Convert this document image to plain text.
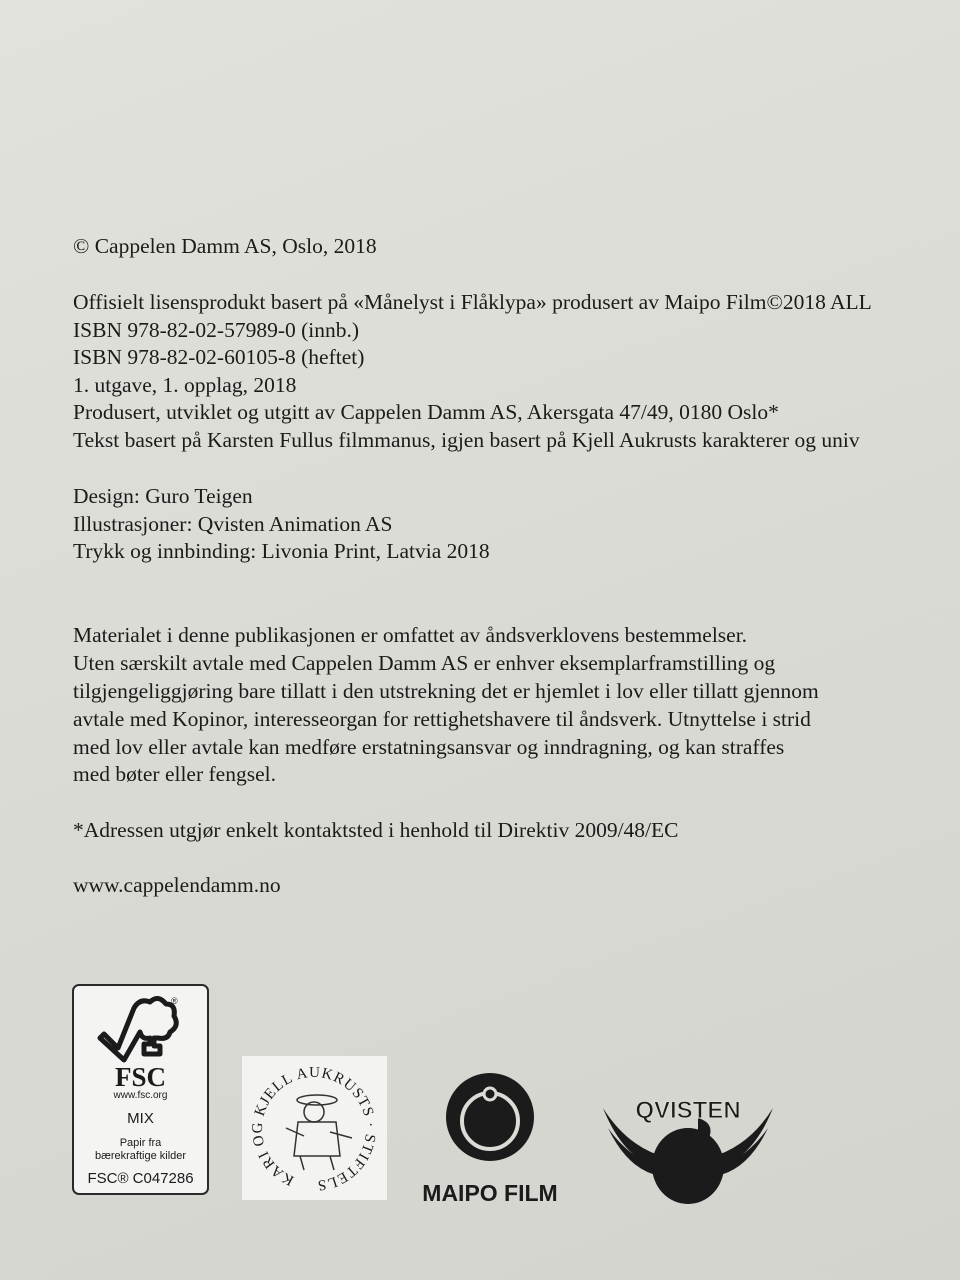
© Cappelen Damm AS, Oslo, 2018
Offisielt lisensprodukt basert på «Månelyst i Flåklypa» produsert av Maipo Film©2018 ALL
ISBN 978-82-02-57989-0 (innb.)
ISBN 978-82-02-60105-8 (heftet)
1. utgave, 1. opplag, 2018
Produsert, utviklet og utgitt av Cappelen Damm AS, Akersgata 47/49, 0180 Oslo*
Tekst basert på Karsten Fullus filmmanus, igjen basert på Kjell Aukrusts karakterer og univ
Design: Guro Teigen
Illustrasjoner: Qvisten Animation AS
Trykk og innbinding: Livonia Print, Latvia 2018
Materialet i denne publikasjonen er omfattet av åndsverklovens bestemmelser.
Uten særskilt avtale med Cappelen Damm AS er enhver eksemplarframstilling og
tilgjengeliggjøring bare tillatt i den utstrekning det er hjemlet i lov eller tillatt gjennom
avtale med Kopinor, interesseorgan for rettighetshavere til åndsverk. Utnyttelse i strid
med lov eller avtale kan medføre erstatningsansvar og inndragning, og kan straffes
med bøter eller fengsel.
*Adressen utgjør enkelt kontaktsted i henhold til Direktiv 2009/48/EC
www.cappelendamm.no
®
FSC
www.fsc.org
MIX
Papir fra
bærekraftige kilder
FSC® C047286	KARI OG KJELL AUKRUSTS · STIFTELS	MAIPO FILM
QVISTEN
